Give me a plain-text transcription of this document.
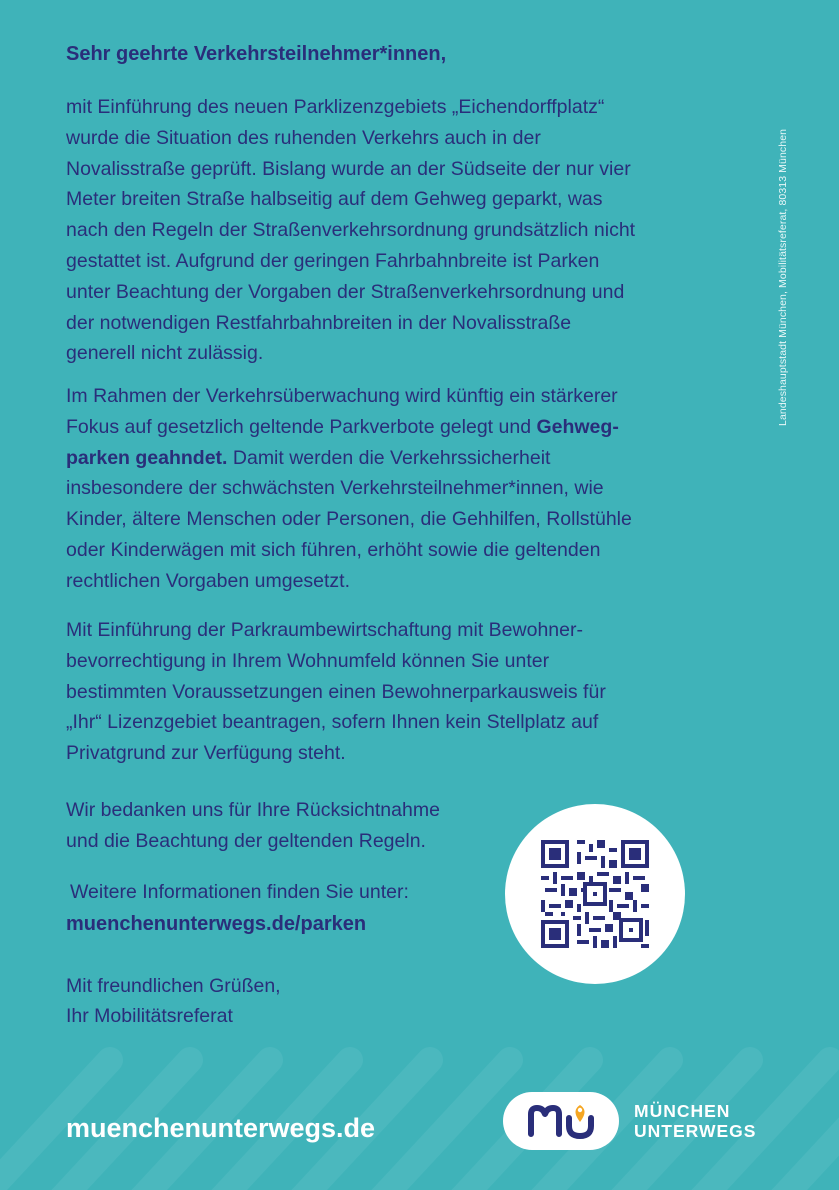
Landeshauptstadt München, Mobilitätsreferat, 80313 München
Sehr geehrte Verkehrsteilnehmer*innen,

mit Einführung des neuen Parklizenzgebiets „Eichendorffplatz“

wurde die Situation des ruhenden Verkehrs auch in der

Novalisstraße geprüft. Bislang wurde an der Südseite der nur vier

Meter breiten Straße halbseitig auf dem Gehweg geparkt, was

nach den Regeln der Straßenverkehrsordnung grundsätzlich nicht

gestattet ist. Aufgrund der geringen Fahrbahnbreite ist Parken

unter Beachtung der Vorgaben der Straßenverkehrsordnung und

der notwendigen Restfahrbahnbreiten in der Novalisstraße

generell nicht zulässig.

Im Rahmen der Verkehrsüberwachung wird künftig ein stärkerer

Fokus auf gesetzlich geltende Parkverbote gelegt und Gehweg-

parken geahndet. Damit werden die Verkehrssicherheit

insbesondere der schwächsten Verkehrsteilnehmer*innen, wie

Kinder, ältere Menschen oder Personen, die Gehhilfen, Rollstühle

oder Kinderwägen mit sich führen, erhöht sowie die geltenden

rechtlichen Vorgaben umgesetzt.

Mit Einführung der Parkraumbewirtschaftung mit Bewohner-

bevorrechtigung in Ihrem Wohnumfeld können Sie unter

bestimmten Voraussetzungen einen Bewohnerparkausweis für

„Ihr“ Lizenzgebiet beantragen, sofern Ihnen kein Stellplatz auf

Privatgrund zur Verfügung steht.

Wir bedanken uns für Ihre Rücksichtnahme

und die Beachtung der geltenden Regeln.

Weitere Informationen finden Sie unter:
muenchenunterwegs.de/parken
Mit freundlichen Grüßen,
Ihr Mobilitätsreferat
muenchenunterwegs.de
MÜNCHEN
UNTERWEGS
